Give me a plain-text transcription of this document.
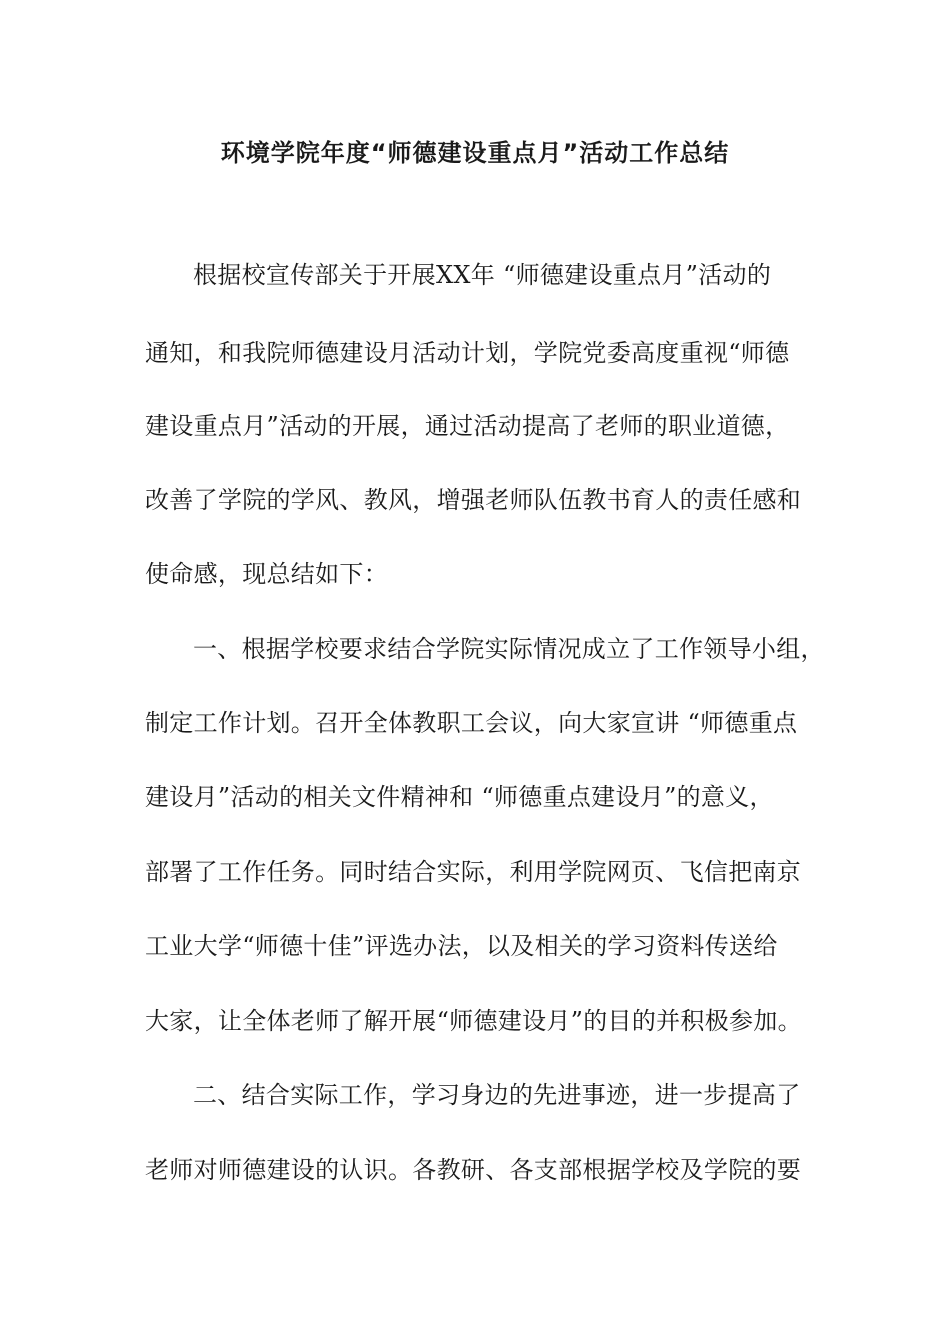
环境学院年度“师德建设重点月”活动工作总结
根据校宣传部关于开展XX年 “师德建设重点月”活动的
通知，和我院师德建设月活动计划，学院党委高度重视“师德
建设重点月”活动的开展，通过活动提高了老师的职业道德，
改善了学院的学风、教风，增强老师队伍教书育人的责任感和
使命感，现总结如下：
一、根据学校要求结合学院实际情况成立了工作领导小组，
制定工作计划。召开全体教职工会议，向大家宣讲 “师德重点
建设月”活动的相关文件精神和 “师德重点建设月”的意义，
部署了工作任务。同时结合实际，利用学院网页、飞信把南京
工业大学“师德十佳”评选办法，以及相关的学习资料传送给
大家，让全体老师了解开展“师德建设月”的目的并积极参加。
二、结合实际工作，学习身边的先进事迹，进一步提高了
老师对师德建设的认识。各教研、各支部根据学校及学院的要
